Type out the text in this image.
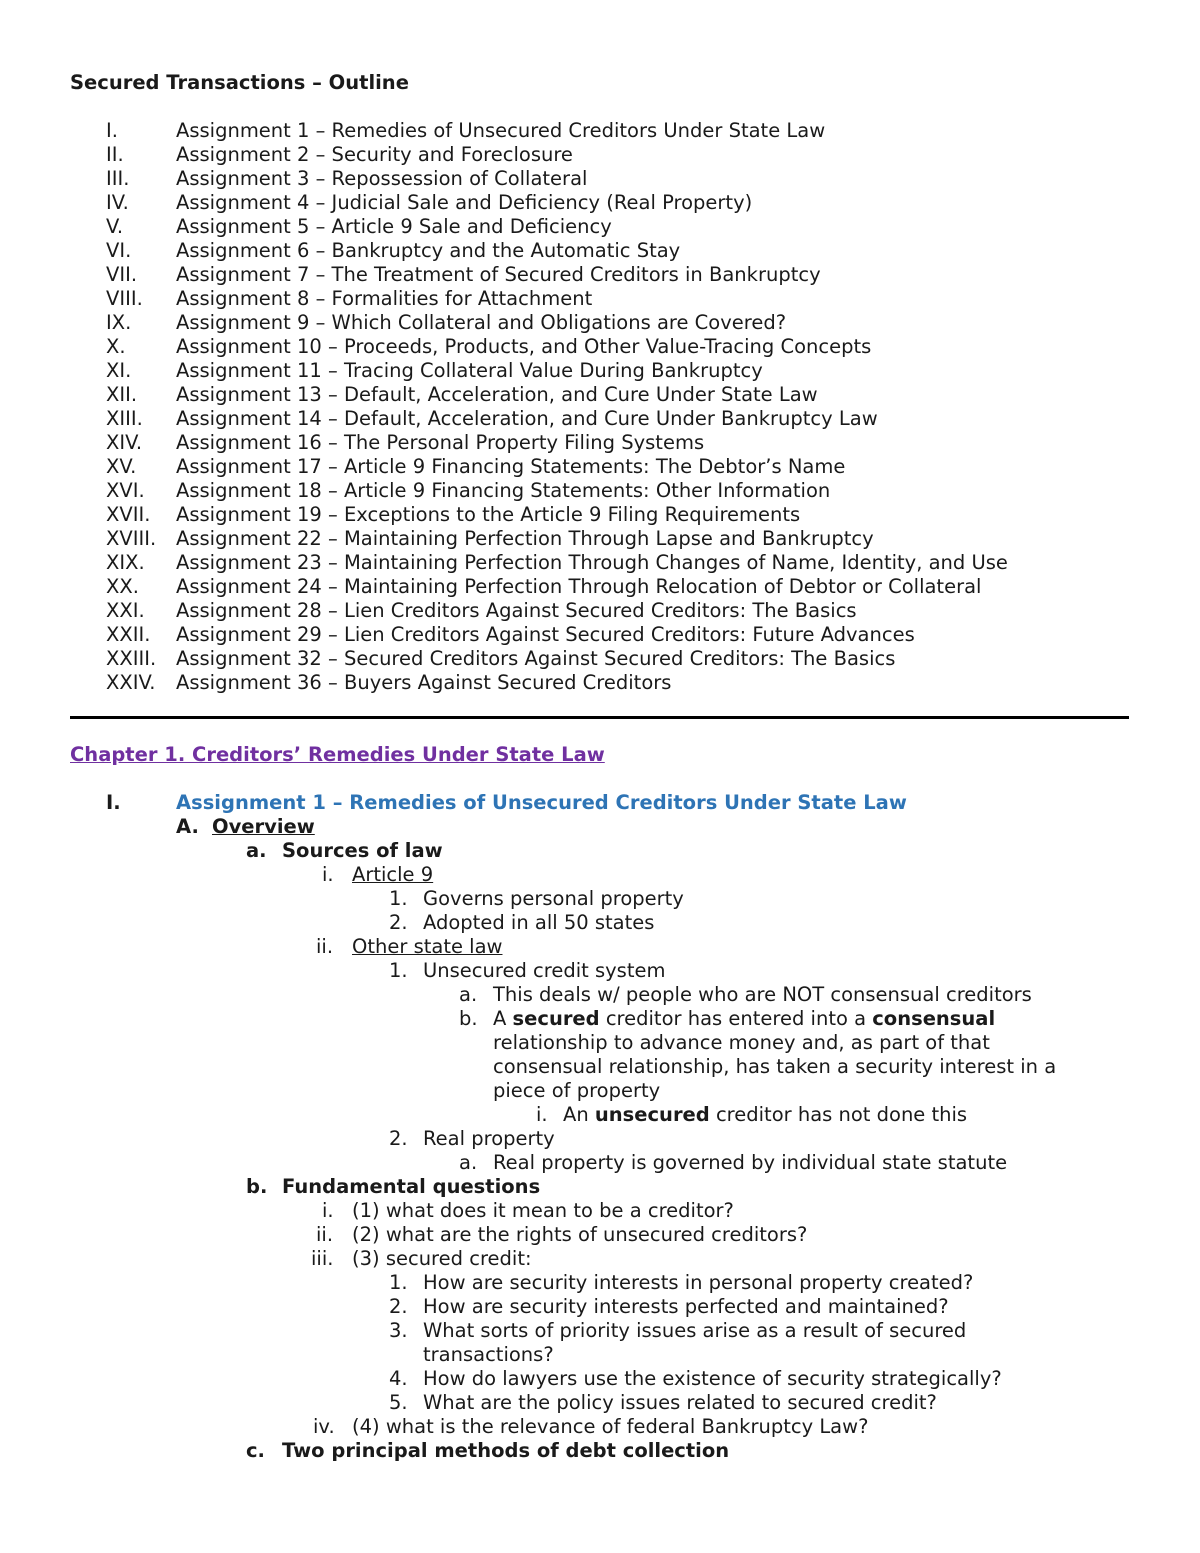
Secured Transactions – Outline
I.	Assignment 1 – Remedies of Unsecured Creditors Under State Law
II.	Assignment 2 – Security and Foreclosure
III. Assignment 3 – Repossession of Collateral
IV. Assignment 4 – Judicial Sale and Deficiency (Real Property)
V.	Assignment 5 – Article 9 Sale and Deficiency
VI. Assignment 6 – Bankruptcy and the Automatic Stay
VII. Assignment 7 – The Treatment of Secured Creditors in Bankruptcy
VIII. Assignment 8 – Formalities for Attachment
IX. Assignment 9 – Which Collateral and Obligations are Covered?
X.	Assignment 10 – Proceeds, Products, and Other Value-Tracing Concepts
XI. Assignment 11 – Tracing Collateral Value During Bankruptcy
XII. Assignment 13 – Default, Acceleration, and Cure Under State Law
XIII. Assignment 14 – Default, Acceleration, and Cure Under Bankruptcy Law
XIV. Assignment 16 – The Personal Property Filing Systems
XV. Assignment 17 – Article 9 Financing Statements: The Debtor’s Name
XVI. Assignment 18 – Article 9 Financing Statements: Other Information
XVII. Assignment 19 – Exceptions to the Article 9 Filing Requirements
XVIII. Assignment 22 – Maintaining Perfection Through Lapse and Bankruptcy
XIX. Assignment 23 – Maintaining Perfection Through Changes of Name, Identity, and Use
XX. Assignment 24 – Maintaining Perfection Through Relocation of Debtor or Collateral
XXI. Assignment 28 – Lien Creditors Against Secured Creditors: The Basics
XXII. Assignment 29 – Lien Creditors Against Secured Creditors: Future Advances
XXIII. Assignment 32 – Secured Creditors Against Secured Creditors: The Basics
XXIV. Assignment 36 – Buyers Against Secured Creditors
Chapter 1. Creditors’ Remedies Under State Law
I.	Assignment 1 – Remedies of Unsecured Creditors Under State Law
A. Overview
a. Sources of law
i. Article 9
1. Governs personal property
2. Adopted in all 50 states
ii. Other state law
1. Unsecured credit system
a. This deals w/ people who are NOT consensual creditors
b. A secured creditor has entered into a consensual
relationship to advance money and, as part of that
consensual relationship, has taken a security interest in a
piece of property
i. An unsecured creditor has not done this
2. Real property
a. Real property is governed by individual state statute
b. Fundamental questions
i. (1) what does it mean to be a creditor?
ii. (2) what are the rights of unsecured creditors?
iii. (3) secured credit:
1. How are security interests in personal property created?
2. How are security interests perfected and maintained?
3. What sorts of priority issues arise as a result of secured
transactions?
4. How do lawyers use the existence of security strategically?
5. What are the policy issues related to secured credit?
iv. (4) what is the relevance of federal Bankruptcy Law?
c. Two principal methods of debt collection
